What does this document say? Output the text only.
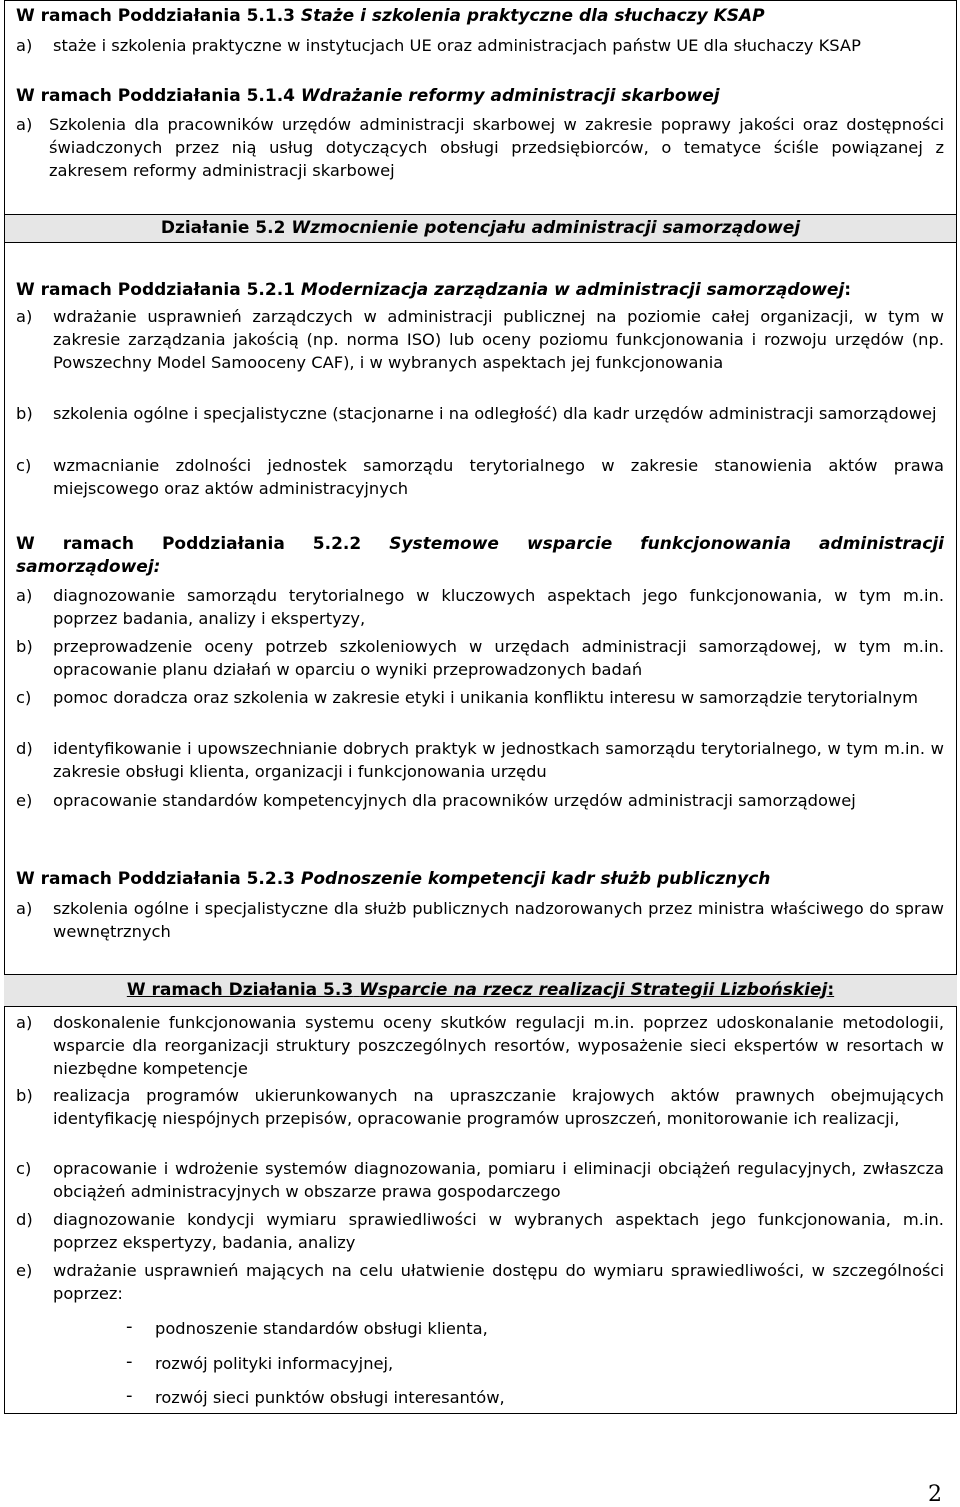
W ramach Poddziałania 5.1.3 Staże i szkolenia praktyczne dla słuchaczy KSAP
a) staże i szkolenia praktyczne w instytucjach UE oraz administracjach państw UE dla słuchaczy KSAP
W ramach Poddziałania 5.1.4 Wdrażanie reformy administracji skarbowej
a) Szkolenia dla pracowników urzędów administracji skarbowej w zakresie poprawy jakości oraz dostępności świadczonych przez nią usług dotyczących obsługi przedsiębiorców, o tematyce ściśle powiązanej z zakresem reformy administracji skarbowej
Działanie 5.2 Wzmocnienie potencjału administracji samorządowej
W ramach Poddziałania 5.2.1 Modernizacja zarządzania w administracji samorządowej:
a) wdrażanie usprawnień zarządczych w administracji publicznej na poziomie całej organizacji, w tym w zakresie zarządzania jakością (np. norma ISO) lub oceny poziomu funkcjonowania i rozwoju urzędów (np. Powszechny Model Samooceny CAF), i w wybranych aspektach jej funkcjonowania
b) szkolenia ogólne i specjalistyczne (stacjonarne i na odległość) dla kadr urzędów administracji samorządowej
c) wzmacnianie zdolności jednostek samorządu terytorialnego w zakresie stanowienia aktów prawa miejscowego oraz aktów administracyjnych
W ramach Poddziałania 5.2.2 Systemowe wsparcie funkcjonowania administracji
samorządowej:
a) diagnozowanie samorządu terytorialnego w kluczowych aspektach jego funkcjonowania, w tym m.in. poprzez badania, analizy i ekspertyzy,
b) przeprowadzenie oceny potrzeb szkoleniowych w urzędach administracji samorządowej, w tym m.in. opracowanie planu działań w oparciu o wyniki przeprowadzonych badań
c) pomoc doradcza oraz szkolenia w zakresie etyki i unikania konfliktu interesu w samorządzie terytorialnym
d) identyfikowanie i upowszechnianie dobrych praktyk w jednostkach samorządu terytorialnego, w tym m.in. w zakresie obsługi klienta, organizacji i funkcjonowania urzędu
e) opracowanie standardów kompetencyjnych dla pracowników urzędów administracji samorządowej
W ramach Poddziałania 5.2.3 Podnoszenie kompetencji kadr służb publicznych
a) szkolenia ogólne i specjalistyczne dla służb publicznych nadzorowanych przez ministra właściwego do spraw wewnętrznych
W ramach Działania 5.3 Wsparcie na rzecz realizacji Strategii Lizbońskiej:
a) doskonalenie funkcjonowania systemu oceny skutków regulacji m.in. poprzez udoskonalanie metodologii, wsparcie dla reorganizacji struktury poszczególnych resortów, wyposażenie sieci ekspertów w resortach w niezbędne kompetencje
b) realizacja programów ukierunkowanych na upraszczanie krajowych aktów prawnych obejmujących identyfikację niespójnych przepisów, opracowanie programów uproszczeń, monitorowanie ich realizacji,
c) opracowanie i wdrożenie systemów diagnozowania, pomiaru i eliminacji obciążeń regulacyjnych, zwłaszcza obciążeń administracyjnych w obszarze prawa gospodarczego
d) diagnozowanie kondycji wymiaru sprawiedliwości w wybranych aspektach jego funkcjonowania, m.in. poprzez ekspertyzy, badania, analizy
e) wdrażanie usprawnień mających na celu ułatwienie dostępu do wymiaru sprawiedliwości, w szczególności poprzez:
- podnoszenie standardów obsługi klienta,
- rozwój polityki informacyjnej,
- rozwój sieci punktów obsługi interesantów,
2
